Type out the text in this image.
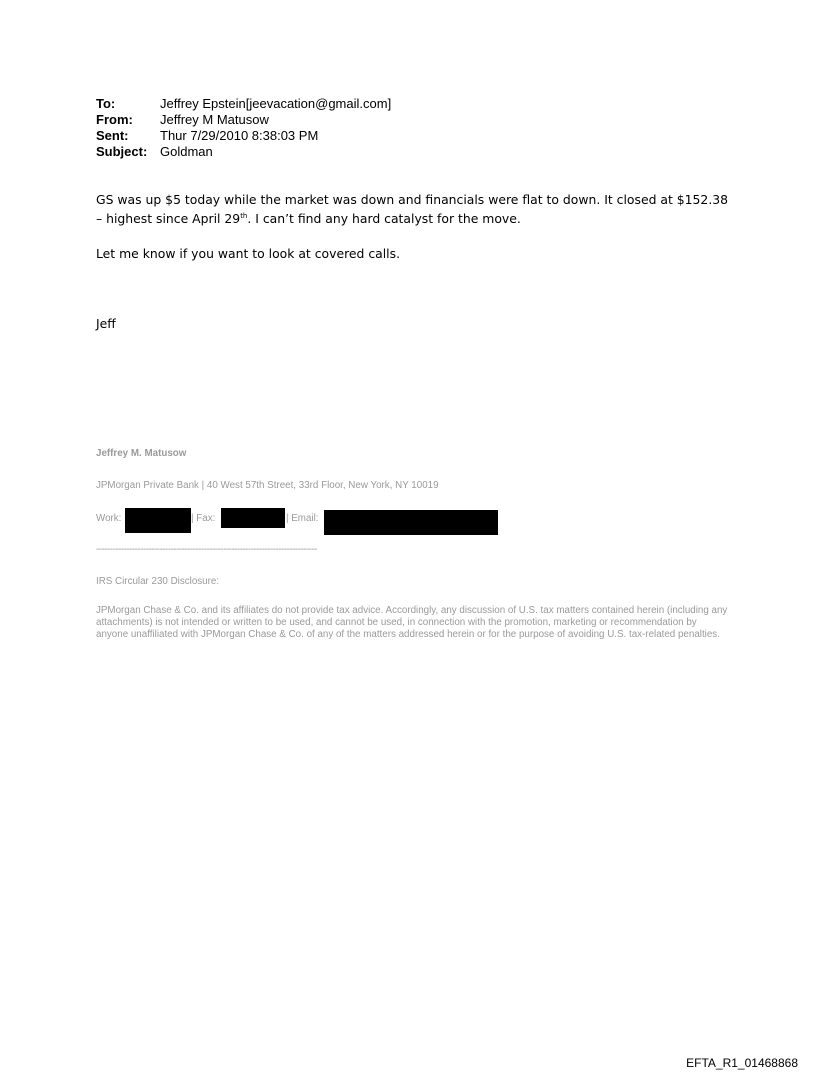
To:	Jeffrey Epstein[jeevacation@gmail.com]
From:	Jeffrey M Matusow
Sent:	Thur 7/29/2010 8:38:03 PM
Subject: Goldman

GS was up $5 today while the market was down and financials were flat to down. It closed at $152.38 – highest since April 29th. I can’t find any hard catalyst for the move.

Let me know if you want to look at covered calls.

Jeff

Jeffrey M. Matusow
JPMorgan Private Bank | 40 West 57th Street, 33rd Floor, New York, NY 10019
Work:	| Fax:	| Email:
--------------------------------------------------------------------------------
IRS Circular 230 Disclosure:
JPMorgan Chase & Co. and its affiliates do not provide tax advice. Accordingly, any discussion of U.S. tax matters contained herein (including any attachments) is not intended or written to be used, and cannot be used, in connection with the promotion, marketing or recommendation by anyone unaffiliated with JPMorgan Chase & Co. of any of the matters addressed herein or for the purpose of avoiding U.S. tax-related penalties.
EFTA_R1_01468868
